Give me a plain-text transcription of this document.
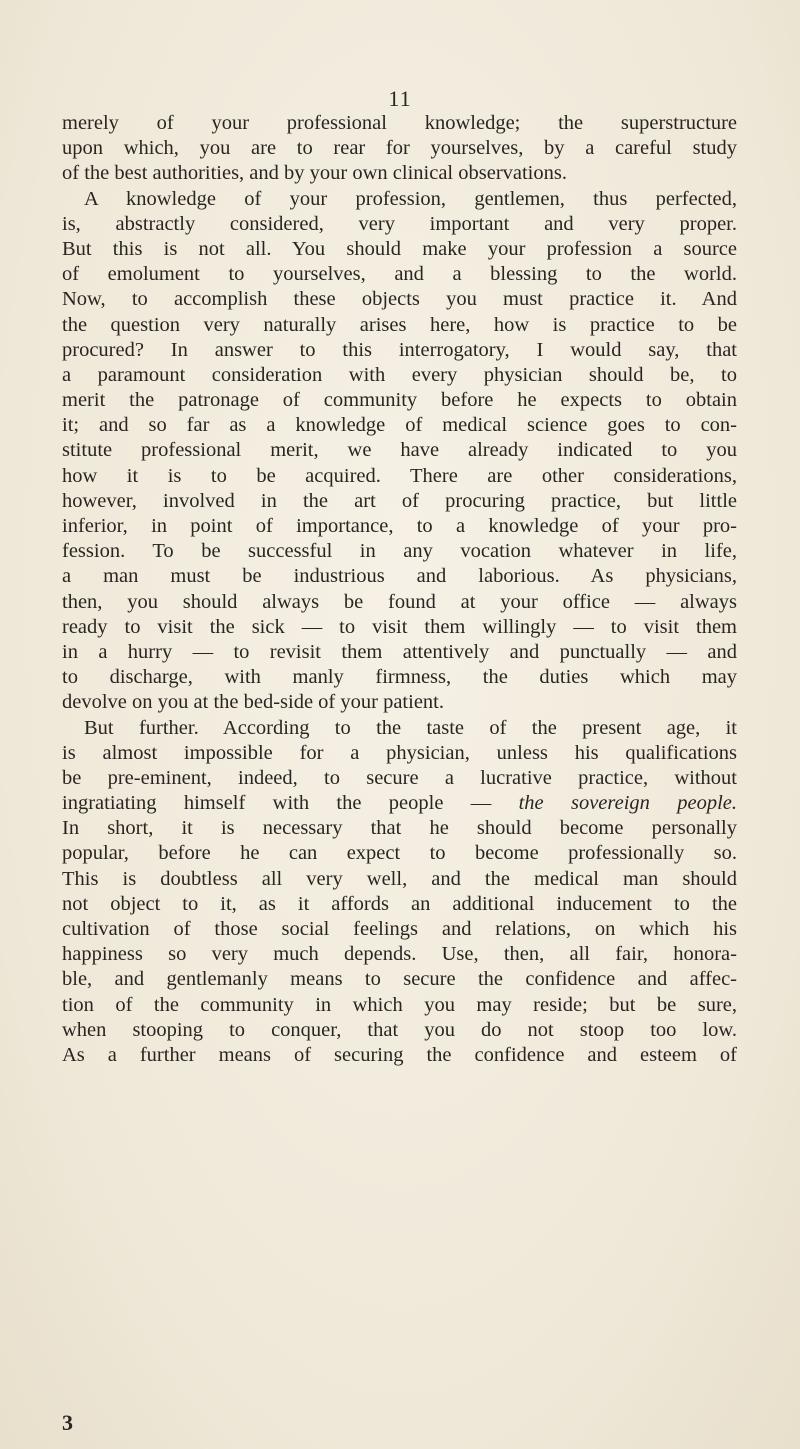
11
merely of your professional knowledge; the superstructure
upon which, you are to rear for yourselves, by a careful study
of the best authorities, and by your own clinical observations.
A knowledge of your profession, gentlemen, thus perfected,
is, abstractly considered, very important and very proper.
But this is not all. You should make your profession a source
of emolument to yourselves, and a blessing to the world.
Now, to accomplish these objects you must practice it. And
the question very naturally arises here, how is practice to be
procured? In answer to this interrogatory, I would say, that
a paramount consideration with every physician should be, to
merit the patronage of community before he expects to obtain
it; and so far as a knowledge of medical science goes to con-
stitute professional merit, we have already indicated to you
how it is to be acquired. There are other considerations,
however, involved in the art of procuring practice, but little
inferior, in point of importance, to a knowledge of your pro-
fession. To be successful in any vocation whatever in life,
a man must be industrious and laborious. As physicians,
then, you should always be found at your office — always
ready to visit the sick — to visit them willingly — to visit them
in a hurry — to revisit them attentively and punctually — and
to discharge, with manly firmness, the duties which may
devolve on you at the bed-side of your patient.
But further. According to the taste of the present age, it
is almost impossible for a physician, unless his qualifications
be pre-eminent, indeed, to secure a lucrative practice, without
ingratiating himself with the people — the sovereign people.
In short, it is necessary that he should become personally
popular, before he can expect to become professionally so.
This is doubtless all very well, and the medical man should
not object to it, as it affords an additional inducement to the
cultivation of those social feelings and relations, on which his
happiness so very much depends. Use, then, all fair, honora-
ble, and gentlemanly means to secure the confidence and affec-
tion of the community in which you may reside; but be sure,
when stooping to conquer, that you do not stoop too low.
As a further means of securing the confidence and esteem of
3
